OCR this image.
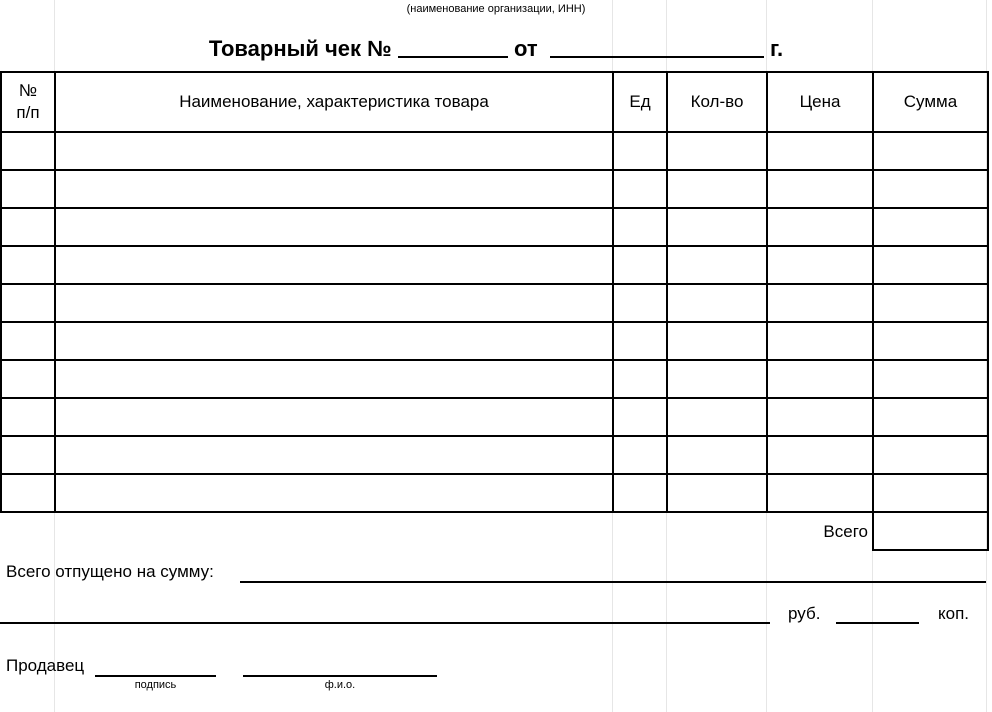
(наименование организации, ИНН)
Товарный чек №	от	г.
№
п/п	Наименование, характеристика товара	Ед	Кол-во	Цена	Сумма

Всего					
Всего отпущено на сумму:
руб.	коп.
Продавец
подпись	ф.и.о.
